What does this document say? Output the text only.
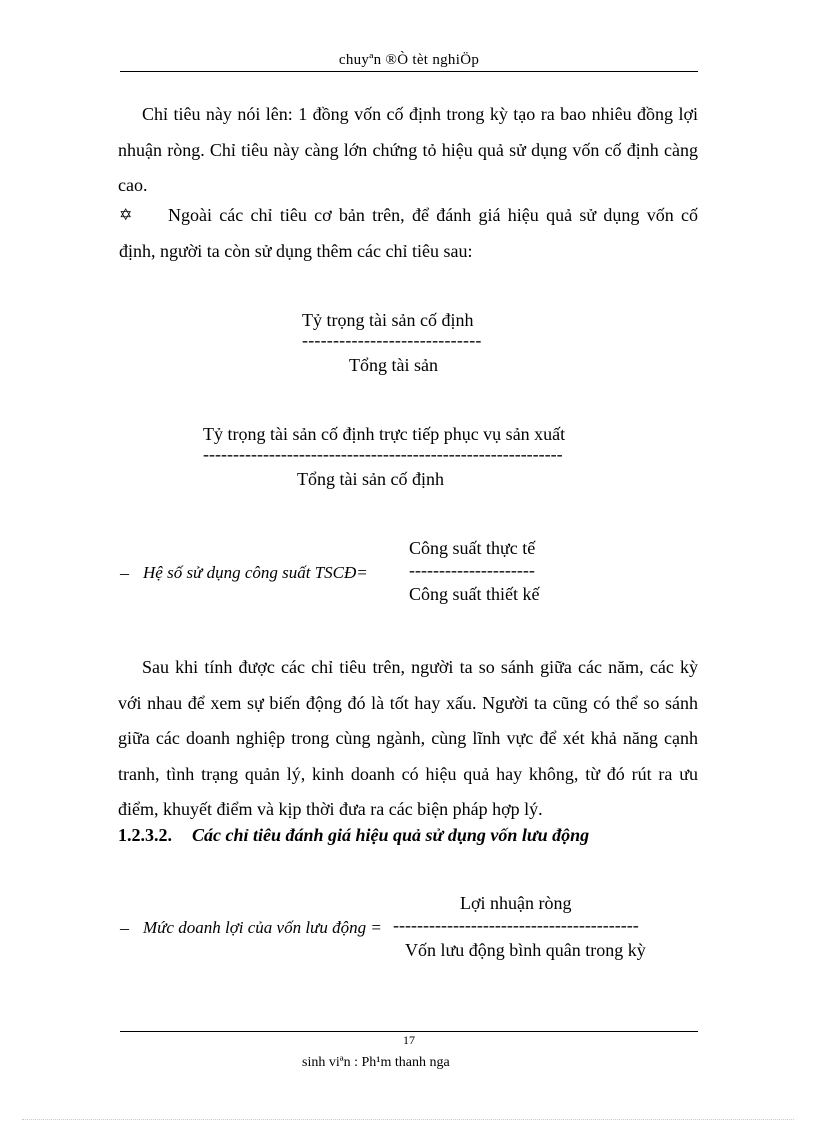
chuyªn ®Ò tèt nghiÖp
Chỉ tiêu này nói lên: 1 đồng vốn cố định trong kỳ tạo ra bao nhiêu đồng lợi nhuận ròng. Chỉ tiêu này càng lớn chứng tỏ hiệu quả sử dụng vốn cố định càng cao.
✡ Ngoài các chỉ tiêu cơ bản trên, để đánh giá hiệu quả sử dụng vốn cố
định, người ta còn sử dụng thêm các chỉ tiêu sau:
Tỷ trọng tài sản cố định
-----------------------------
Tổng tài sản
Tỷ trọng tài sản cố định trực tiếp phục vụ sản xuất
------------------------------------------------------------
Tổng tài sản cố định
Công suất thực tế
– Hệ số sử dụng công suất TSCĐ= ---------------------
Công suất thiết kế
Sau khi tính được các chỉ tiêu trên, người ta so sánh giữa các năm, các kỳ với nhau để xem sự biến động đó là tốt hay xấu. Người ta cũng có thể so sánh giữa các doanh nghiệp trong cùng ngành, cùng lĩnh vực để xét khả năng cạnh tranh, tình trạng quản lý, kinh doanh có hiệu quả hay không, từ đó rút ra ưu điểm, khuyết điểm và kịp thời đưa ra các biện pháp hợp lý.
1.2.3.2. Các chỉ tiêu đánh giá hiệu quả sử dụng vốn lưu động
Lợi nhuận ròng
– Mức doanh lợi của vốn lưu động = -----------------------------------------
Vốn lưu động bình quân trong kỳ
17
sinh viªn : Ph¹m thanh nga
